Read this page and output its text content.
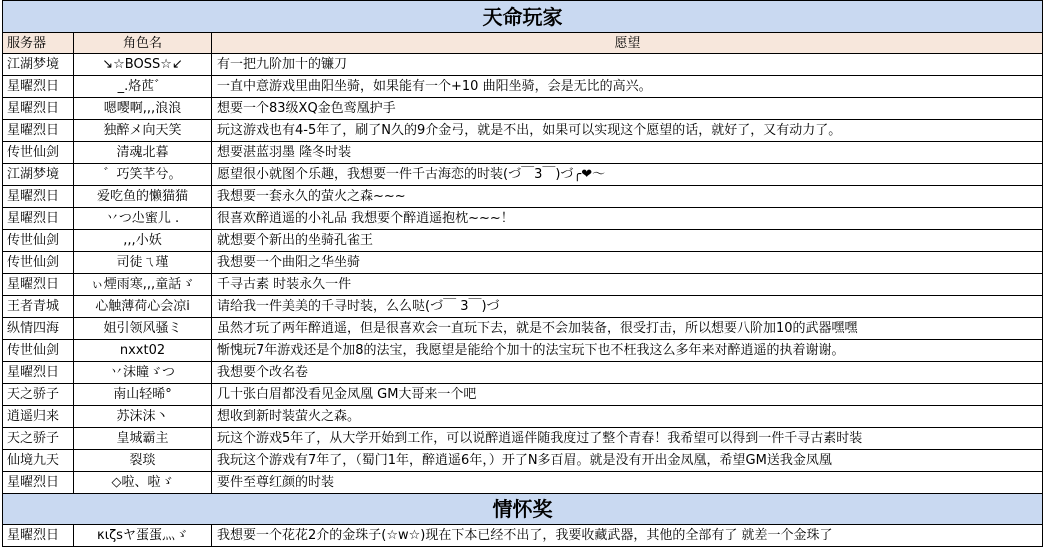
天命玩家		
服务器	角色名	愿望
江湖梦境	↘☆BOSS☆↙	有一把九阶加十的镰刀
星曜烈日	_.烙苉゛	一直中意游戏里曲阳坐骑，如果能有一个+10 曲阳坐骑，会是无比的高兴。
星曜烈日	嗯嘤啊,,,浪浪	想要一个83级XQ金色鸾凰护手
星曜烈日	独醉メ向天笑	玩这游戏也有4-5年了，刷了N久的9介金弓，就是不出，如果可以实现这个愿望的话，就好了，又有动力了。
传世仙剑	清魂北暮	想要湛蓝羽墨 隆冬时装
江湖梦境	゛巧笑芊兮。	愿望很小就图个乐趣，我想要一件千古海恋的时装(づ￣3￣)づ╭❤～
星曜烈日	爱吃鱼的懒猫猫	我想要一套永久的萤火之森~~~
星曜烈日	丷つ尐蜜儿 .	很喜欢醉逍遥的小礼品 我想要个醉逍遥抱枕~~~！
传世仙剑	,,,小妖	就想要个新出的坐骑孔雀王
传世仙剑	司徒ㄟ瑾	我想要一个曲阳之华坐骑
星曜烈日	ぃ煙雨寒,,,童話ゞ	千寻古素 时装永久一件
王者青城	心触薄荷心会凉i	请给我一件美美的千寻时装，么么哒(づ￣ 3￣)づ
纵情四海	姐引领风骚ミ	虽然才玩了两年醉逍遥，但是很喜欢会一直玩下去，就是不会加装备，很受打击，所以想要八阶加10的武器嘿嘿
传世仙剑	nxxt02	惭愧玩7年游戏还是个加8的法宝，我愿望是能给个加十的法宝玩下也不枉我这么多年来对醉逍遥的执着谢谢。
星曜烈日	丷沫瞳ゞつ	我想要个改名卷
天之骄子	南山轻晞°	几十张白眉都没看见金凤凰 GM大哥来一个吧
逍遥归来	苏沫沫丶	想收到新时装萤火之森。
天之骄子	皇城霸主	玩这个游戏5年了，从大学开始到工作，可以说醉逍遥伴随我度过了整个青春！我希望可以得到一件千寻古素时装
仙境九天	裂琰	我玩这个游戏有7年了，（蜀门1年，醉逍遥6年，）开了N多百眉。就是没有开出金凤凰，希望GM送我金凤凰
星曜烈日	◇啦、啦ゞ	要件至尊红颜的时装
情怀奖		
星曜烈日	κιζsヤ蛋蛋灬ゞ	我想要一个花花2介的金珠子(☆w☆)现在下本已经不出了，我要收藏武器，其他的全部有了 就差一个金珠了
